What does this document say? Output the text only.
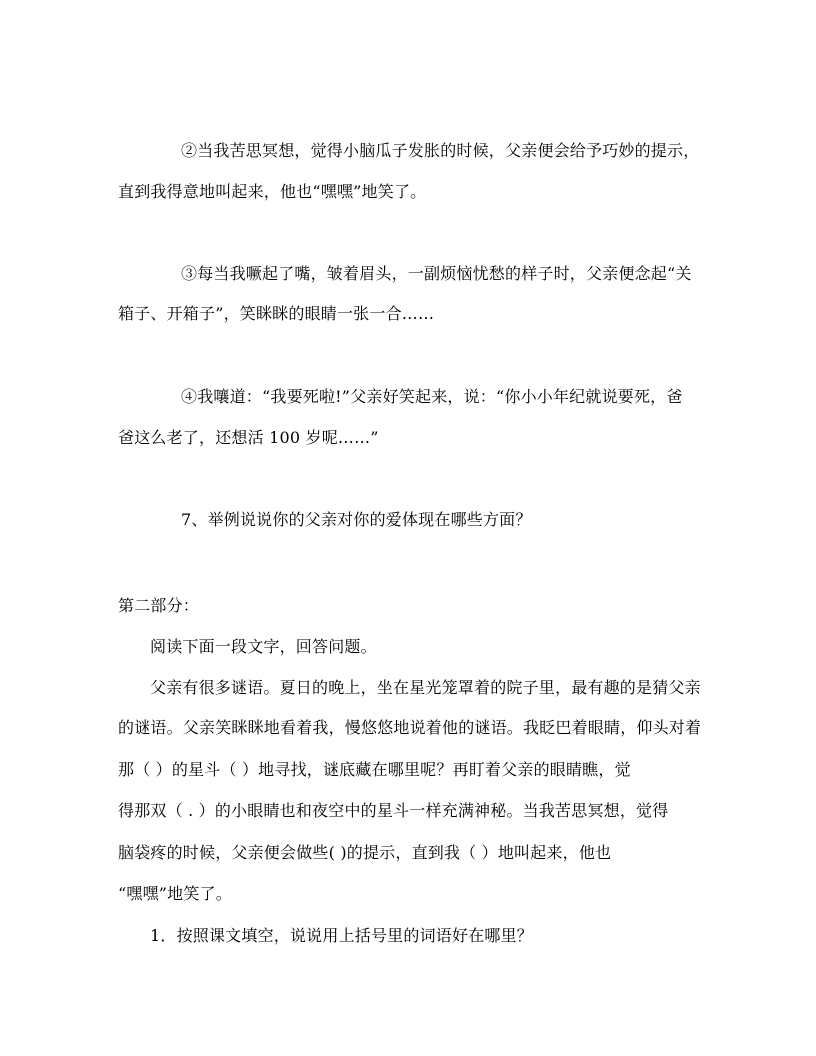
②当我苦思冥想，觉得小脑瓜子发胀的时候，父亲便会给予巧妙的提示，
直到我得意地叫起来，他也“嘿嘿”地笑了。
③每当我噘起了嘴，皱着眉头，一副烦恼忧愁的样子时，父亲便念起“关
箱子、开箱子”，笑眯眯的眼睛一张一合……
④我嚷道：“我要死啦!”父亲好笑起来，说：“你小小年纪就说要死，爸
爸这么老了，还想活 100 岁呢……”
7、举例说说你的父亲对你的爱体现在哪些方面？
第二部分：
阅读下面一段文字，回答问题。
父亲有很多谜语。夏日的晚上，坐在星光笼罩着的院子里，最有趣的是猜父亲
的谜语。父亲笑眯眯地看着我，慢悠悠地说着他的谜语。我眨巴着眼睛，仰头对着
那（ ）的星斗（ ）地寻找，谜底藏在哪里呢？再盯着父亲的眼睛瞧，觉
得那双（ . ）的小眼睛也和夜空中的星斗一样充满神秘。当我苦思冥想，觉得
脑袋疼的时候，父亲便会做些( )的提示，直到我（ ）地叫起来，他也
“嘿嘿”地笑了。
1．按照课文填空，说说用上括号里的词语好在哪里？
